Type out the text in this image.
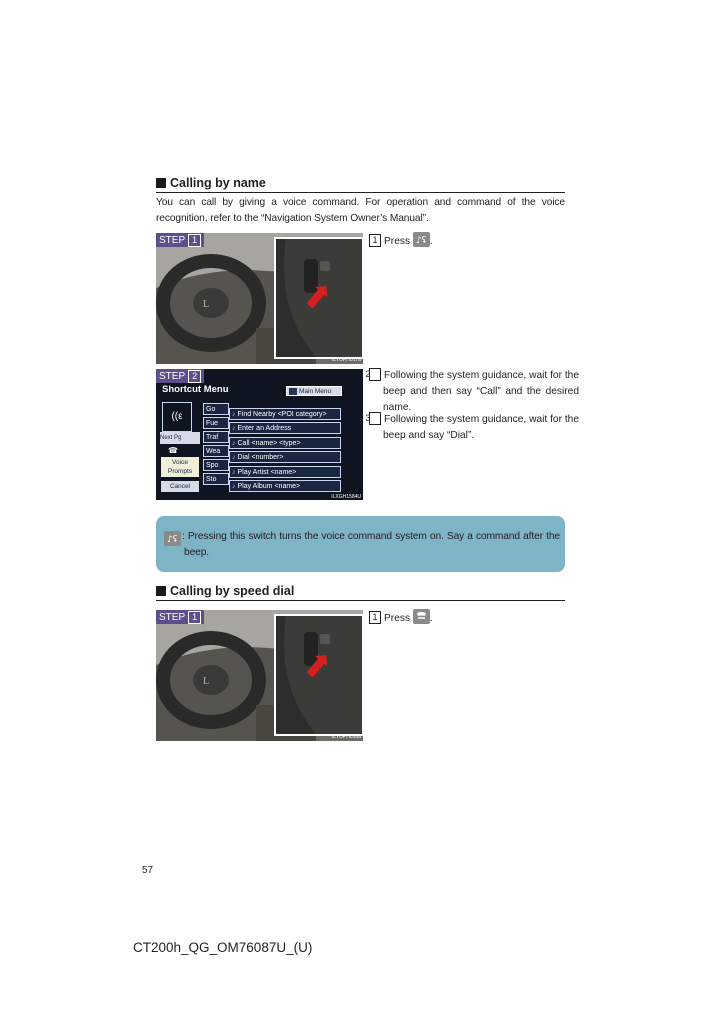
Calling by name
You can call by giving a voice command. For operation and command of the voice recognition, refer to the “Navigation System Owner’s Manual”.
L
STEP 1
ILYOPH017a
1 Press ♪ʢ .
STEP 2
Shortcut Menu	Main Menu
((ε
Next Pg
☎
Voice
Prompts
Cancel
Go
Fue
Traf
Wea
Spo
Sto
♪ Find Nearby <POI category>
♪ Enter an Address
♪ Call <name> <type>
♪ Dial <number>
♪ Play Artist <name>
♪ Play Album <name>
ILXGH1584U
2 Following the system guidance, wait for the beep and then say “Call” and the desired name.
3 Following the system guidance, wait for the beep and say “Dial”.
♪ʢ : Pressing this switch turns the voice command system on. Say a command after the beep.
Calling by speed dial
L
STEP 1
ILYOPH018a
1 Press .
57
CT200h_QG_OM76087U_(U)
